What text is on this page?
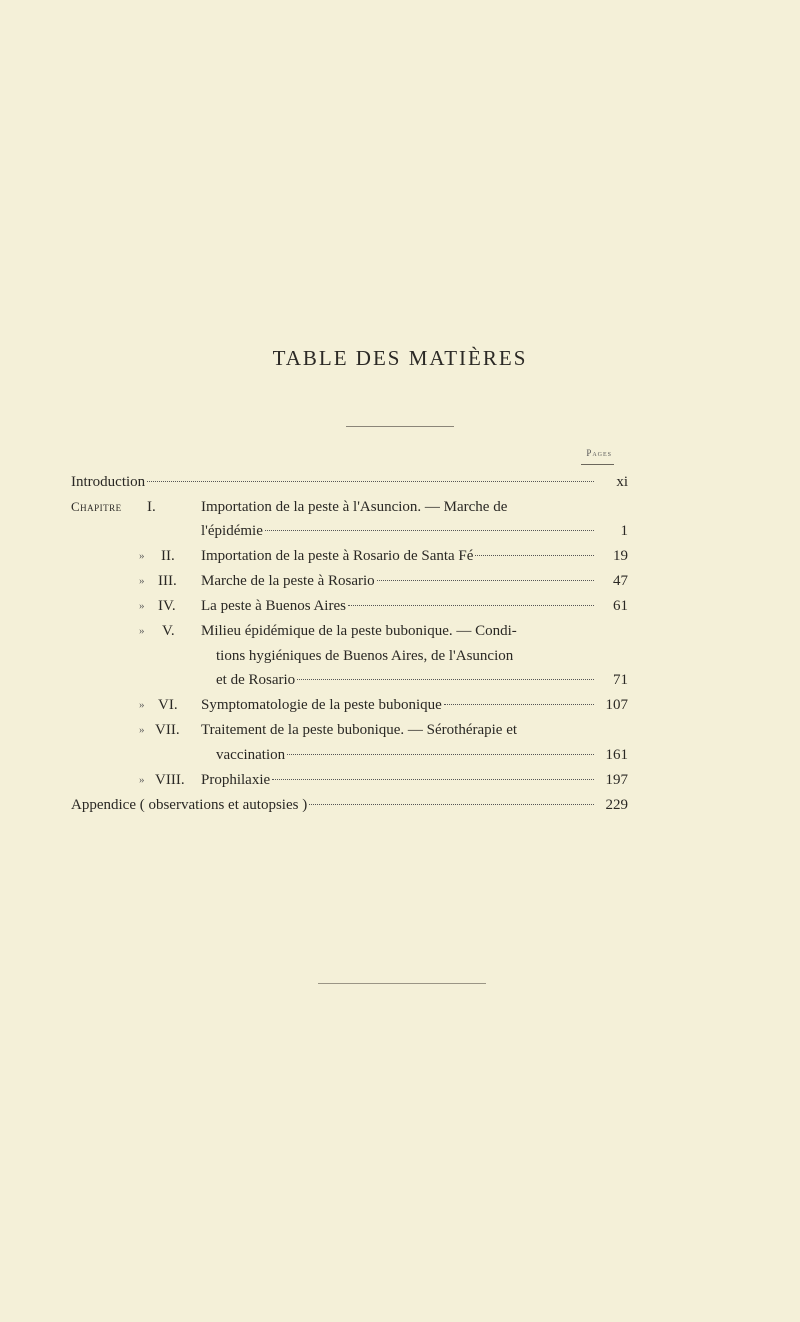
TABLE DES MATIÈRES
Pages
Introduction	xi
Chapitre I.	Importation de la peste à l'Asuncion. — Marche de
l'épidémie	1
» II. Importation de la peste à Rosario de Santa Fé	19
» III. Marche de la peste à Rosario	47
» IV. La peste à Buenos Aires	61
» V. Milieu épidémique de la peste bubonique. — Condi-
tions hygiéniques de Buenos Aires, de l'Asuncion
et de Rosario	71
» VI. Symptomatologie de la peste bubonique	107
» VII. Traitement de la peste bubonique. — Sérothérapie et
vaccination	161
» VIII. Prophilaxie	197
Appendice ( observations et autopsies )	229
